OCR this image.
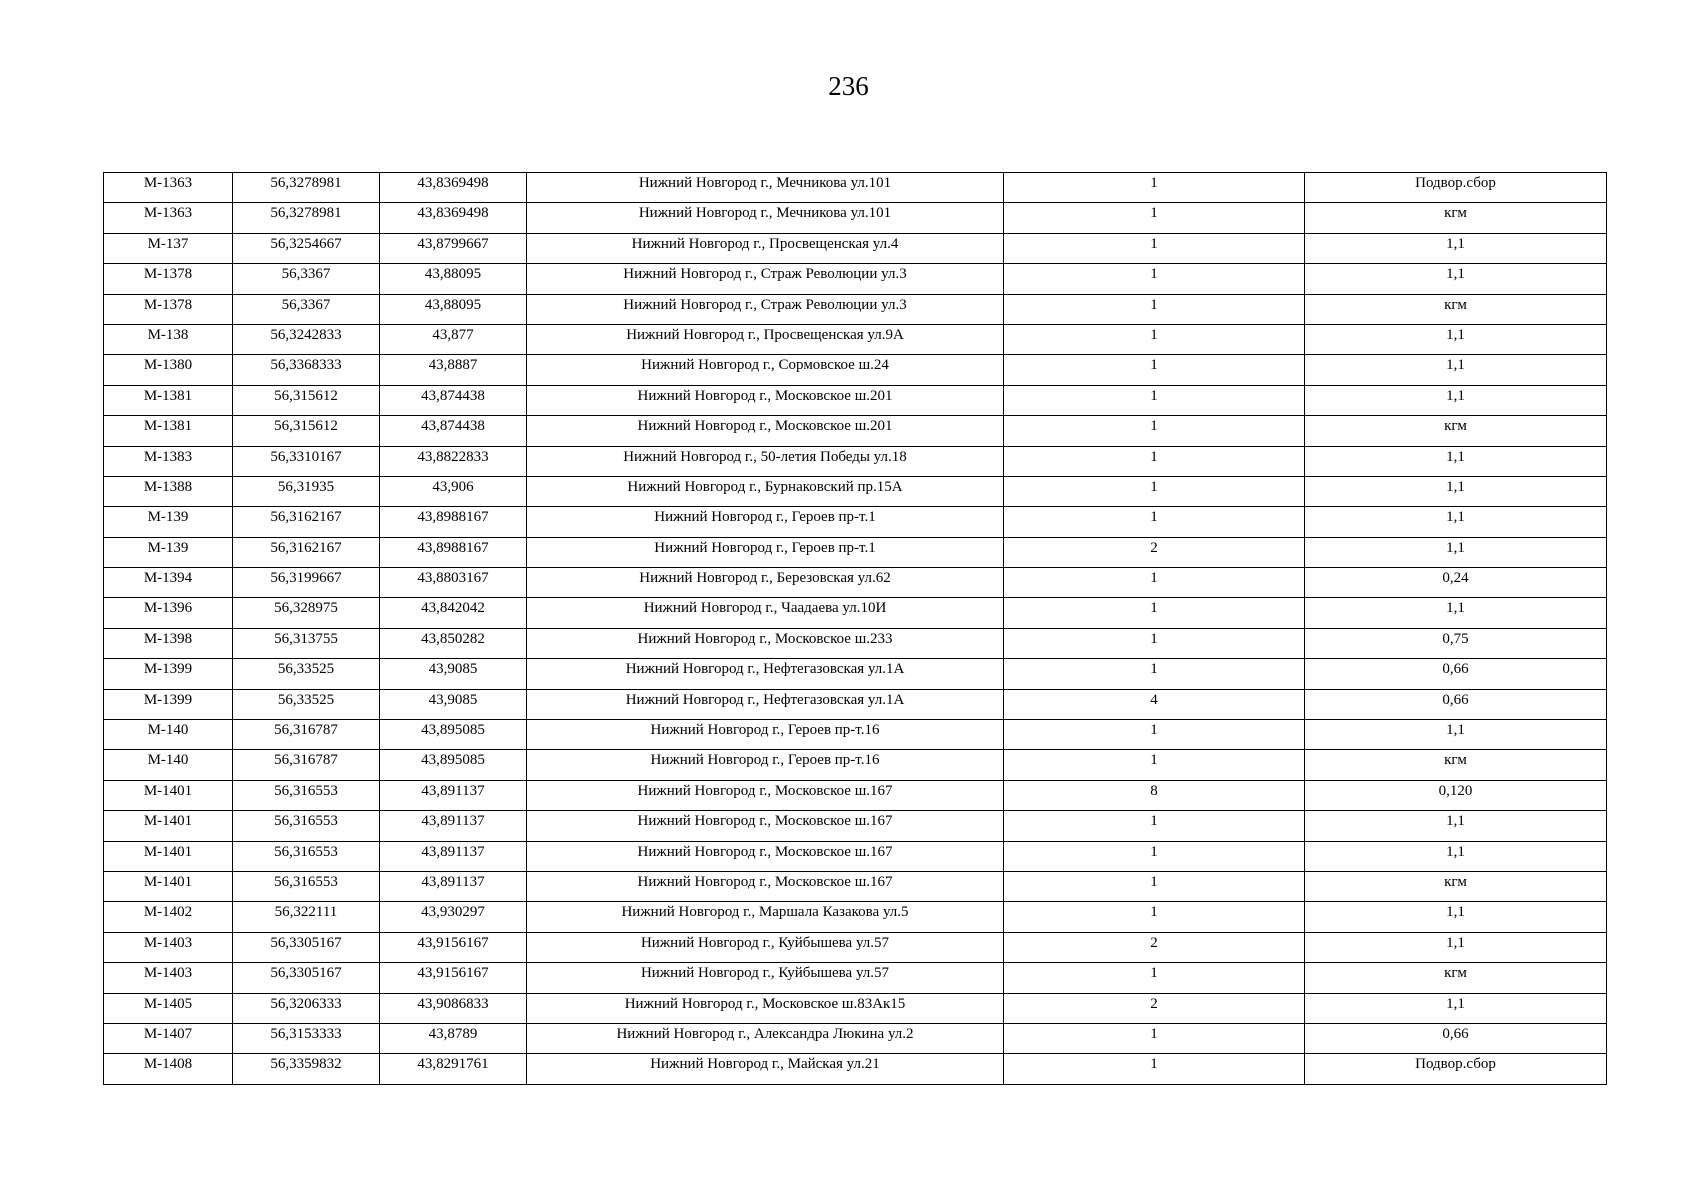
236
М-1363	56,3278981	43,8369498	Нижний Новгород г., Мечникова ул.101	1	Подвор.сбор
М-1363	56,3278981	43,8369498	Нижний Новгород г., Мечникова ул.101	1	кгм
М-137	56,3254667	43,8799667	Нижний Новгород г., Просвещенская ул.4	1	1,1
М-1378	56,3367	43,88095	Нижний Новгород г., Страж Революции ул.3	1	1,1
М-1378	56,3367	43,88095	Нижний Новгород г., Страж Революции ул.3	1	кгм
М-138	56,3242833	43,877	Нижний Новгород г., Просвещенская ул.9А	1	1,1
М-1380	56,3368333	43,8887	Нижний Новгород г., Сормовское ш.24	1	1,1
М-1381	56,315612	43,874438	Нижний Новгород г., Московское ш.201	1	1,1
М-1381	56,315612	43,874438	Нижний Новгород г., Московское ш.201	1	кгм
М-1383	56,3310167	43,8822833	Нижний Новгород г., 50-летия Победы ул.18	1	1,1
М-1388	56,31935	43,906	Нижний Новгород г., Бурнаковский пр.15А	1	1,1
М-139	56,3162167	43,8988167	Нижний Новгород г., Героев пр-т.1	1	1,1
М-139	56,3162167	43,8988167	Нижний Новгород г., Героев пр-т.1	2	1,1
М-1394	56,3199667	43,8803167	Нижний Новгород г., Березовская ул.62	1	0,24
М-1396	56,328975	43,842042	Нижний Новгород г., Чаадаева ул.10И	1	1,1
М-1398	56,313755	43,850282	Нижний Новгород г., Московское ш.233	1	0,75
М-1399	56,33525	43,9085	Нижний Новгород г., Нефтегазовская ул.1А	1	0,66
М-1399	56,33525	43,9085	Нижний Новгород г., Нефтегазовская ул.1А	4	0,66
М-140	56,316787	43,895085	Нижний Новгород г., Героев пр-т.16	1	1,1
М-140	56,316787	43,895085	Нижний Новгород г., Героев пр-т.16	1	кгм
М-1401	56,316553	43,891137	Нижний Новгород г., Московское ш.167	8	0,120
М-1401	56,316553	43,891137	Нижний Новгород г., Московское ш.167	1	1,1
М-1401	56,316553	43,891137	Нижний Новгород г., Московское ш.167	1	1,1
М-1401	56,316553	43,891137	Нижний Новгород г., Московское ш.167	1	кгм
М-1402	56,322111	43,930297	Нижний Новгород г., Маршала Казакова ул.5	1	1,1
М-1403	56,3305167	43,9156167	Нижний Новгород г., Куйбышева ул.57	2	1,1
М-1403	56,3305167	43,9156167	Нижний Новгород г., Куйбышева ул.57	1	кгм
М-1405	56,3206333	43,9086833	Нижний Новгород г., Московское ш.83Ак15	2	1,1
М-1407	56,3153333	43,8789	Нижний Новгород г., Александра Люкина ул.2	1	0,66
М-1408	56,3359832	43,8291761	Нижний Новгород г., Майская ул.21	1	Подвор.сбор
